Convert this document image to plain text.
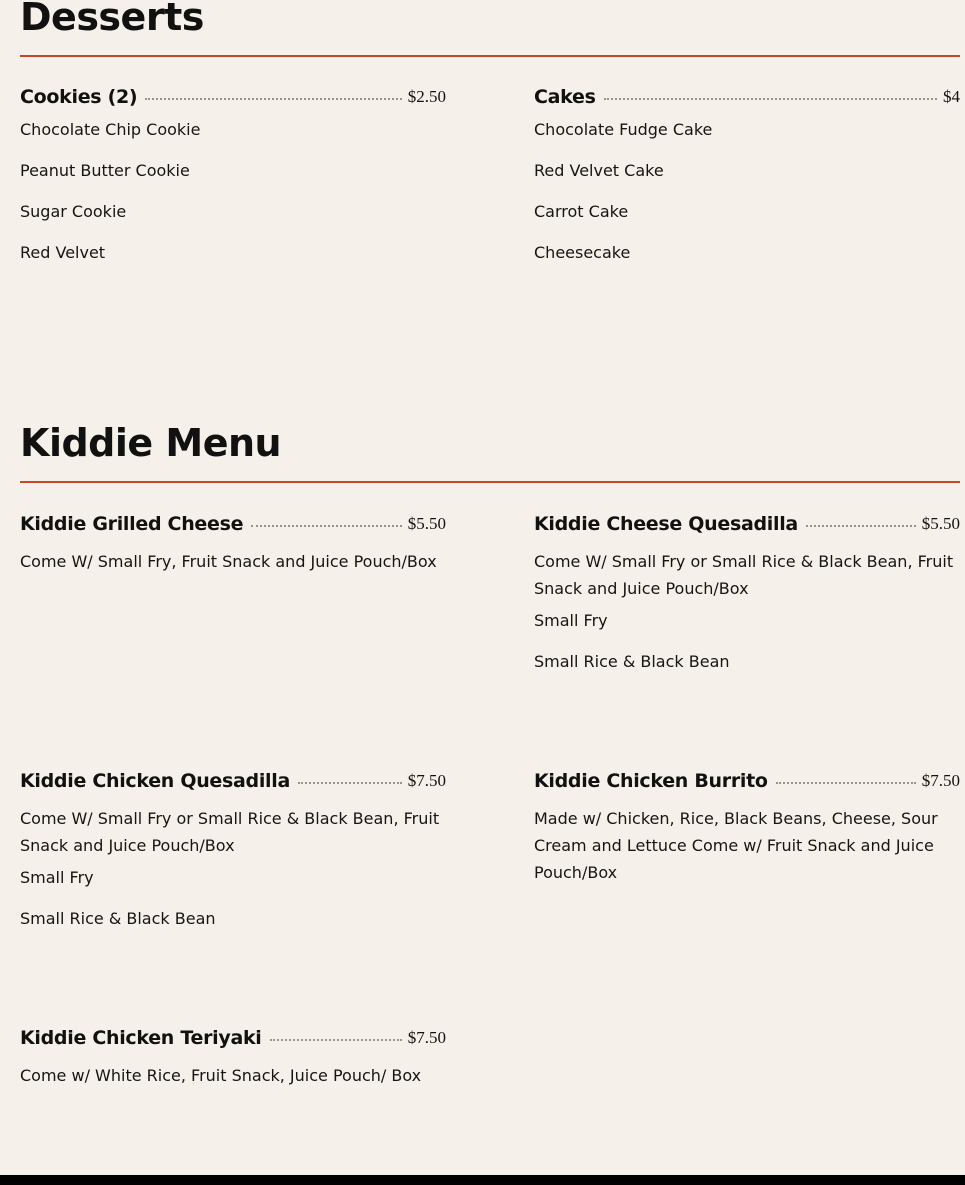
Desserts
Cookies (2)	$2.50
Chocolate Chip Cookie
Peanut Butter Cookie
Sugar Cookie
Red Velvet
Cakes	$4
Chocolate Fudge Cake
Red Velvet Cake
Carrot Cake
Cheesecake
Kiddie Menu
Kiddie Grilled Cheese	$5.50
Come W/ Small Fry, Fruit Snack and Juice Pouch/Box
Kiddie Cheese Quesadilla	$5.50
Come W/ Small Fry or Small Rice & Black Bean, Fruit Snack and Juice Pouch/Box
Small Fry
Small Rice & Black Bean
Kiddie Chicken Quesadilla	$7.50
Come W/ Small Fry or Small Rice & Black Bean, Fruit Snack and Juice Pouch/Box
Small Fry
Small Rice & Black Bean
Kiddie Chicken Burrito	$7.50
Made w/ Chicken, Rice, Black Beans, Cheese, Sour Cream and Lettuce Come w/ Fruit Snack and Juice Pouch/Box
Kiddie Chicken Teriyaki	$7.50
Come w/ White Rice, Fruit Snack, Juice Pouch/ Box
